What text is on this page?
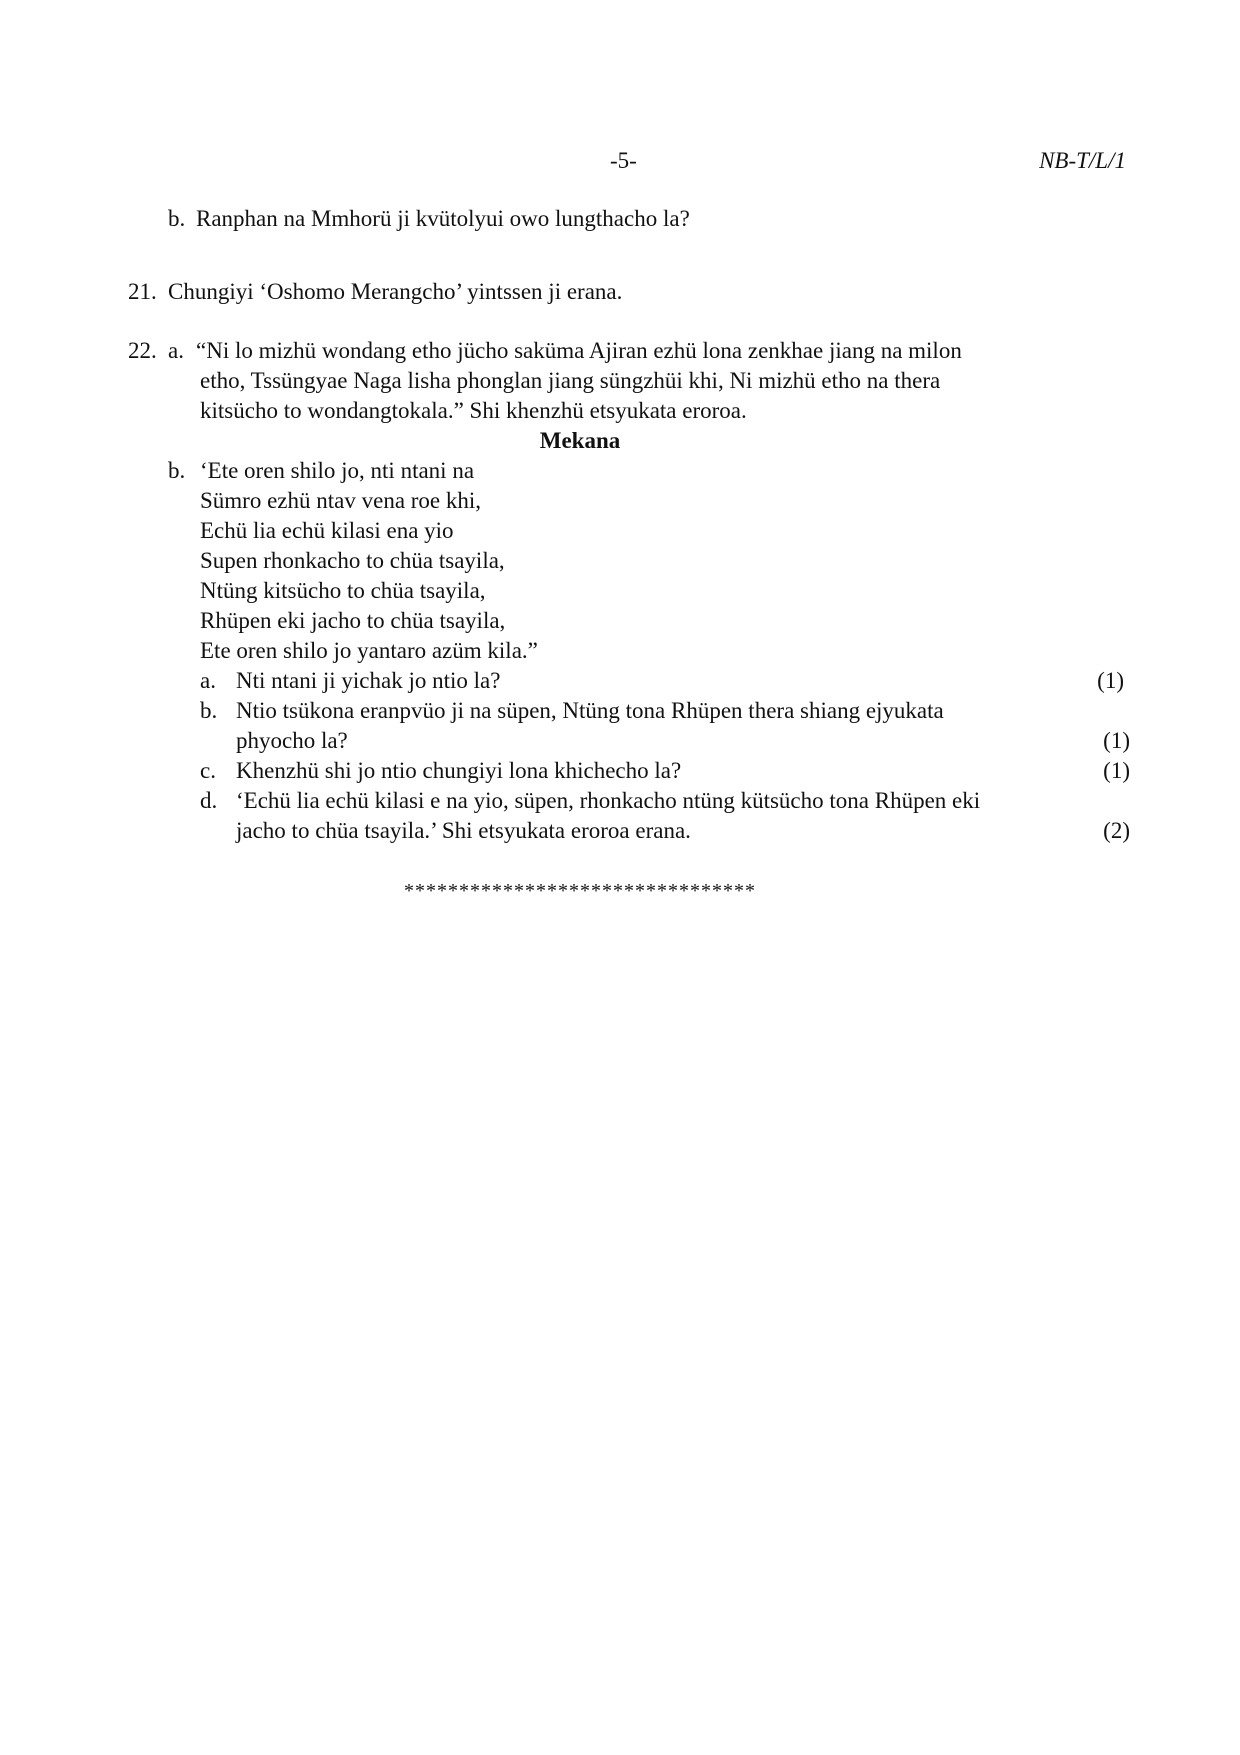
-5-	NB-T/L/1
b. Ranphan na Mmhorü ji kvütolyui owo lungthacho la?
21. Chungiyi ‘Oshomo Merangcho’ yintssen ji erana.
22. a. “Ni lo mizhü wondang etho jücho saküma Ajiran ezhü lona zenkhae jiang na milon
etho, Tssüngyae Naga lisha phonglan jiang süngzhüi khi, Ni mizhü etho na thera
kitsücho to wondangtokala.” Shi khenzhü etsyukata eroroa.
Mekana
b. ‘Ete oren shilo jo, nti ntani na
Sümro ezhü ntav vena roe khi,
Echü lia echü kilasi ena yio
Supen rhonkacho to chüa tsayila,
Ntüng kitsücho to chüa tsayila,
Rhüpen eki jacho to chüa tsayila,
Ete oren shilo jo yantaro azüm kila.”
a. Nti ntani ji yichak jo ntio la?	(1)
b. Ntio tsükona eranpvüo ji na süpen, Ntüng tona Rhüpen thera shiang ejyukata
phyocho la?	(1)
c. Khenzhü shi jo ntio chungiyi lona khichecho la?	(1)
d. ‘Echü lia echü kilasi e na yio, süpen, rhonkacho ntüng kütsücho tona Rhüpen eki
jacho to chüa tsayila.’ Shi etsyukata eroroa erana.	(2)
********************************
